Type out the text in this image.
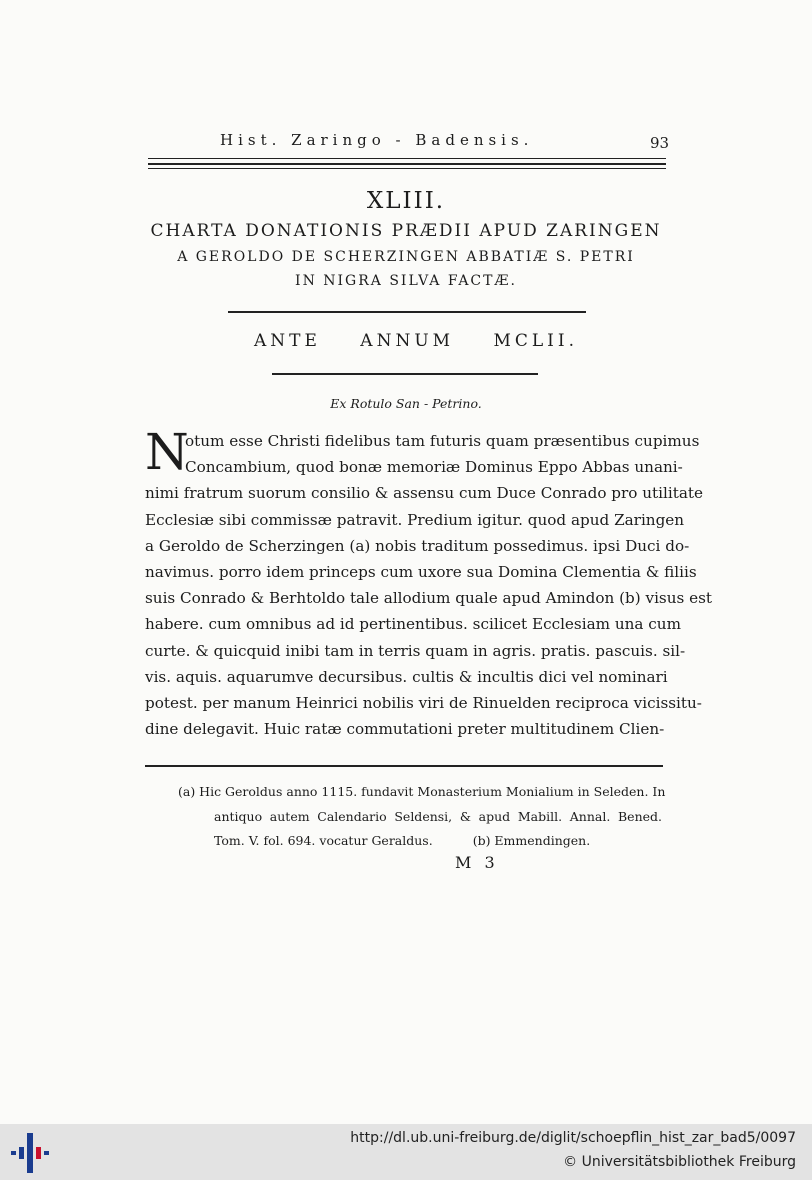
Hist. Zaringo - Badensis.	93
XLIII.
CHARTA DONATIONIS PRÆDII APUD ZARINGEN
A GEROLDO DE SCHERZINGEN ABBATIÆ S. PETRI
IN NIGRA SILVA FACTÆ.
ANTE ANNUM MCLII.
Ex Rotulo San - Petrino.
N
otum esse Christi fidelibus tam futuris quam præsentibus cupimus
Concambium, quod bonæ memoriæ Dominus Eppo Abbas unani-
nimi fratrum suorum consilio & assensu cum Duce Conrado pro utilitate
Ecclesiæ sibi commissæ patravit. Predium igitur. quod apud Zaringen
a Geroldo de Scherzingen (a) nobis traditum possedimus. ipsi Duci do-
navimus. porro idem princeps cum uxore sua Domina Clementia & filiis
suis Conrado & Berhtoldo tale allodium quale apud Amindon (b) visus est
habere. cum omnibus ad id pertinentibus. scilicet Ecclesiam una cum
curte. & quicquid inibi tam in terris quam in agris. pratis. pascuis. sil-
vis. aquis. aquarumve decursibus. cultis & incultis dici vel nominari
potest. per manum Heinrici nobilis viri de Rinuelden reciproca vicissitu-
dine delegavit. Huic ratæ commutationi preter multitudinem Clien-
(a) Hic Geroldus anno 1115. fundavit Monasterium Monialium in Seleden. In
antiquo autem Calendario Seldensi, & apud Mabill. Annal. Bened.
Tom. V. fol. 694. vocatur Geraldus.	(b) Emmendingen.
M 3
http://dl.ub.uni-freiburg.de/diglit/schoepflin_hist_zar_bad5/0097
© Universitätsbibliothek Freiburg
